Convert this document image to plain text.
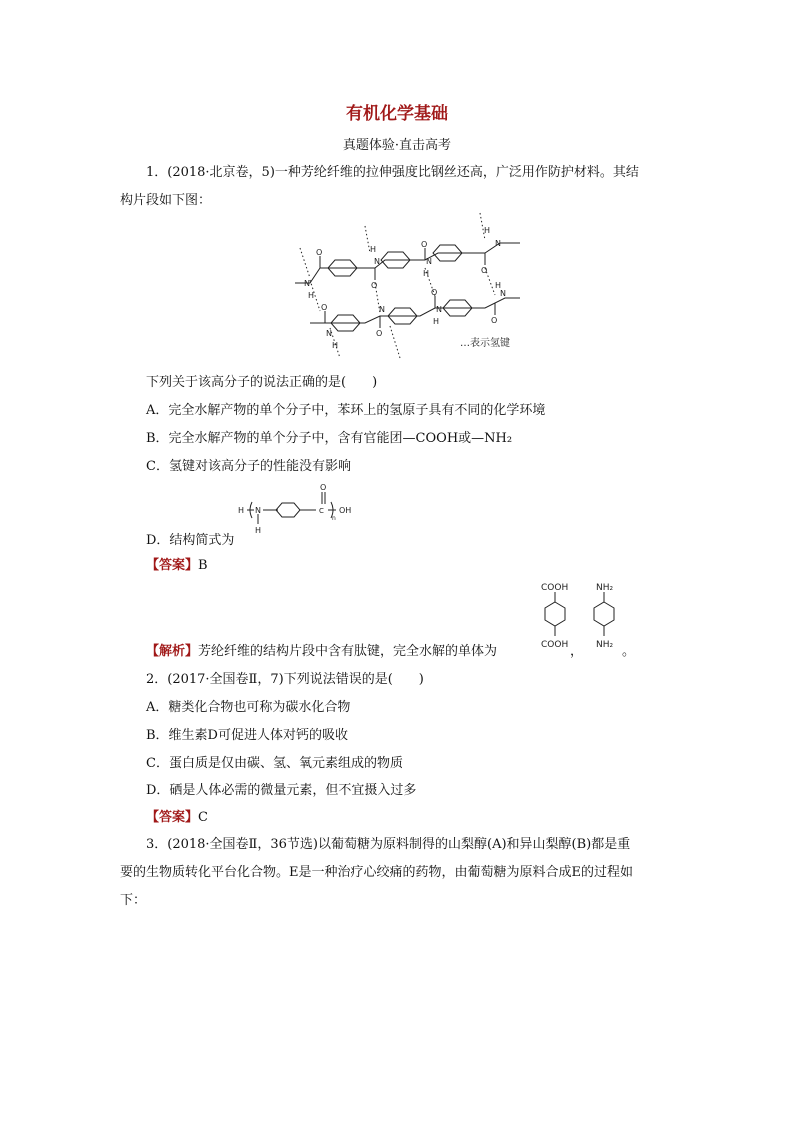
有机化学基础
真题体验·直击高考
1．(2018·北京卷，5)一种芳纶纤维的拉伸强度比钢丝还高，广泛用作防护材料。其结
构片段如下图：
N
O
O
N
H
O
N
H	O
N
H
H
O
O
N
O
N
H	O
N
H
N
H	…表示氢键
下列关于该高分子的说法正确的是(　　)
A．完全水解产物的单个分子中，苯环上的氢原子具有不同的化学环境
B．完全水解产物的单个分子中，含有官能团—COOH或—NH₂
C．氢键对该高分子的性能没有影响
H N
H
O
C
n
OH
D．结构简式为
【答案】B
COOH
COOH ，
NH₂
NH₂ 。
【解析】芳纶纤维的结构片段中含有肽键，完全水解的单体为
2．(2017·全国卷Ⅱ，7)下列说法错误的是(　　)
A．糖类化合物也可称为碳水化合物
B．维生素D可促进人体对钙的吸收
C．蛋白质是仅由碳、氢、氧元素组成的物质
D．硒是人体必需的微量元素，但不宜摄入过多
【答案】C
3．(2018·全国卷Ⅱ，36节选)以葡萄糖为原料制得的山梨醇(A)和异山梨醇(B)都是重
要的生物质转化平台化合物。E是一种治疗心绞痛的药物，由葡萄糖为原料合成E的过程如
下：
